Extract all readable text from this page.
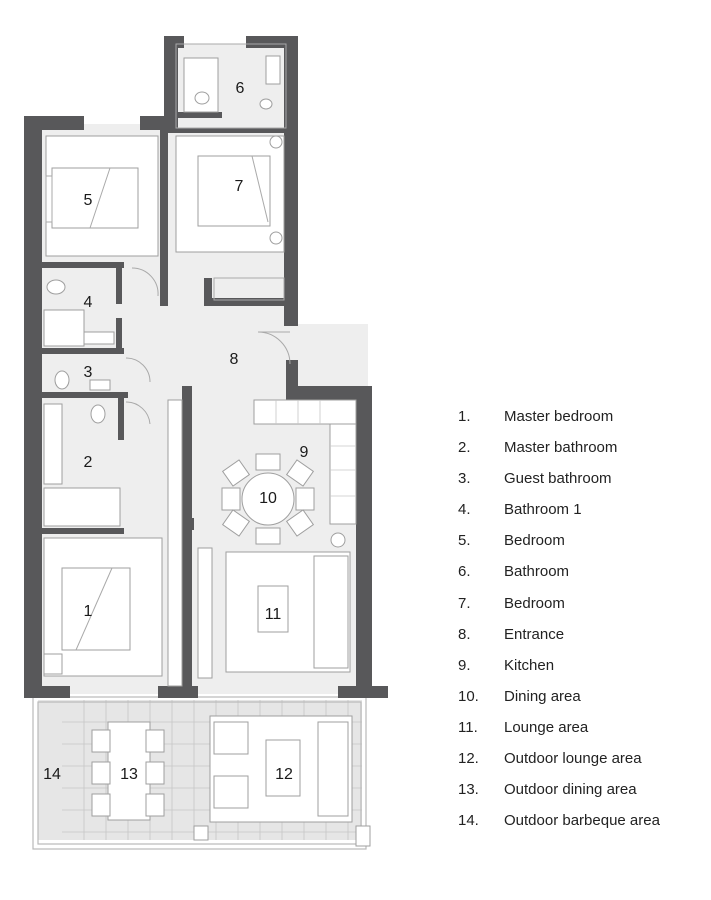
1
2
3
4
5
6
7
8
9
10
11
12
13
14
1. Master bedroom
2. Master bathroom
3. Guest bathroom
4. Bathroom 1
5. Bedroom
6. Bathroom
7. Bedroom
8. Entrance
9. Kitchen
10. Dining area
11. Lounge area
12. Outdoor lounge area
13. Outdoor dining area
14. Outdoor barbeque area
